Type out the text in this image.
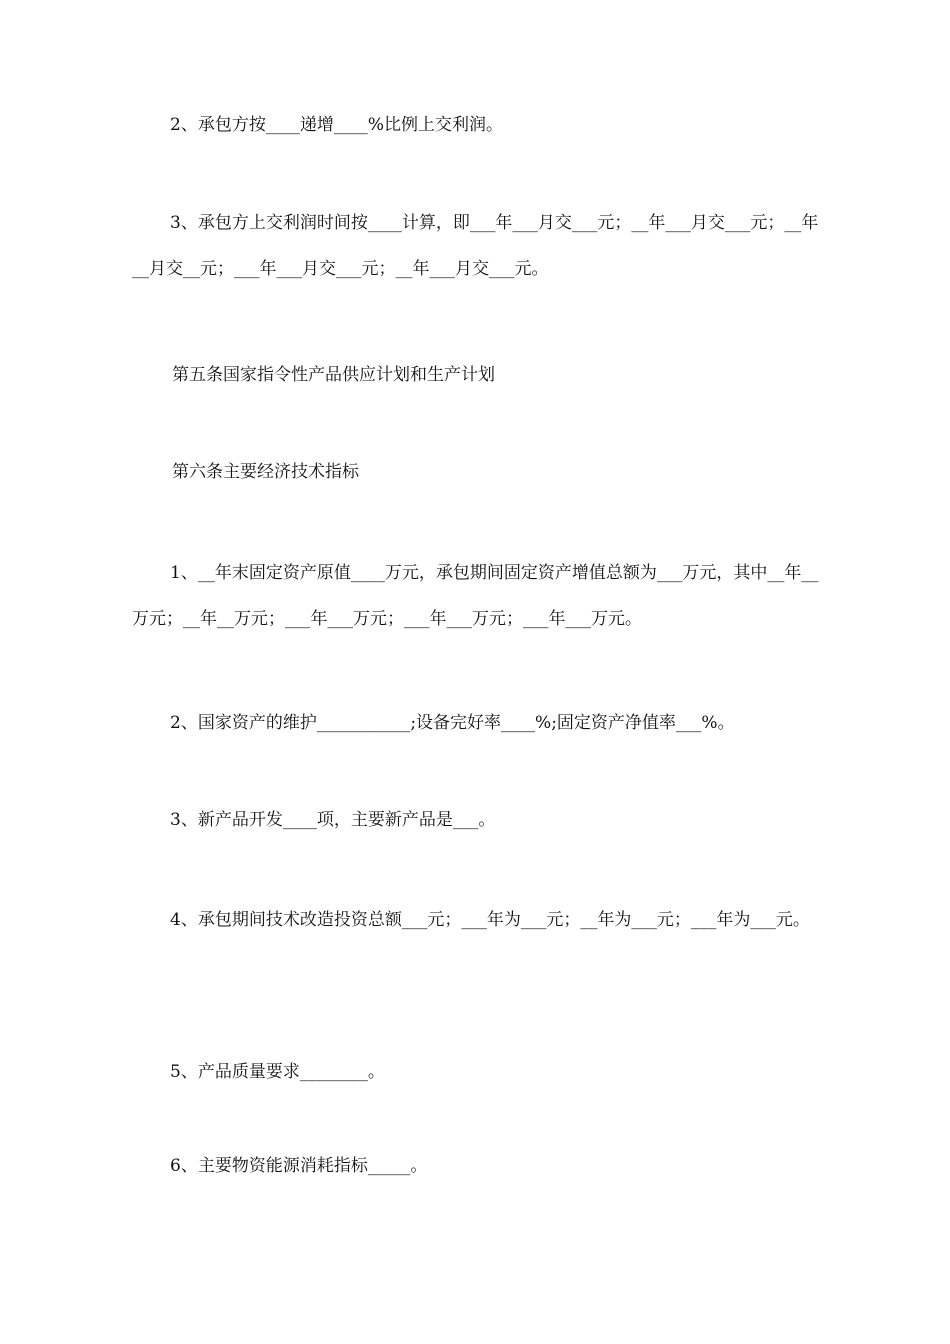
2、承包方按____递增____%比例上交利润。

3、承包方上交利润时间按____计算，即___年___月交___元；__年___月交___元；__年__月交__元；___年___月交___元；__年___月交___元。

第五条国家指令性产品供应计划和生产计划

第六条主要经济技术指标

1、__年末固定资产原值____万元，承包期间固定资产增值总额为___万元，其中__年__万元；__年__万元；___年___万元；___年___万元；___年___万元。

2、国家资产的维护___________;设备完好率____%;固定资产净值率___%。

3、新产品开发____项，主要新产品是___。

4、承包期间技术改造投资总额___元；___年为___元；__年为___元；___年为___元。

5、产品质量要求________。

6、主要物资能源消耗指标_____。
